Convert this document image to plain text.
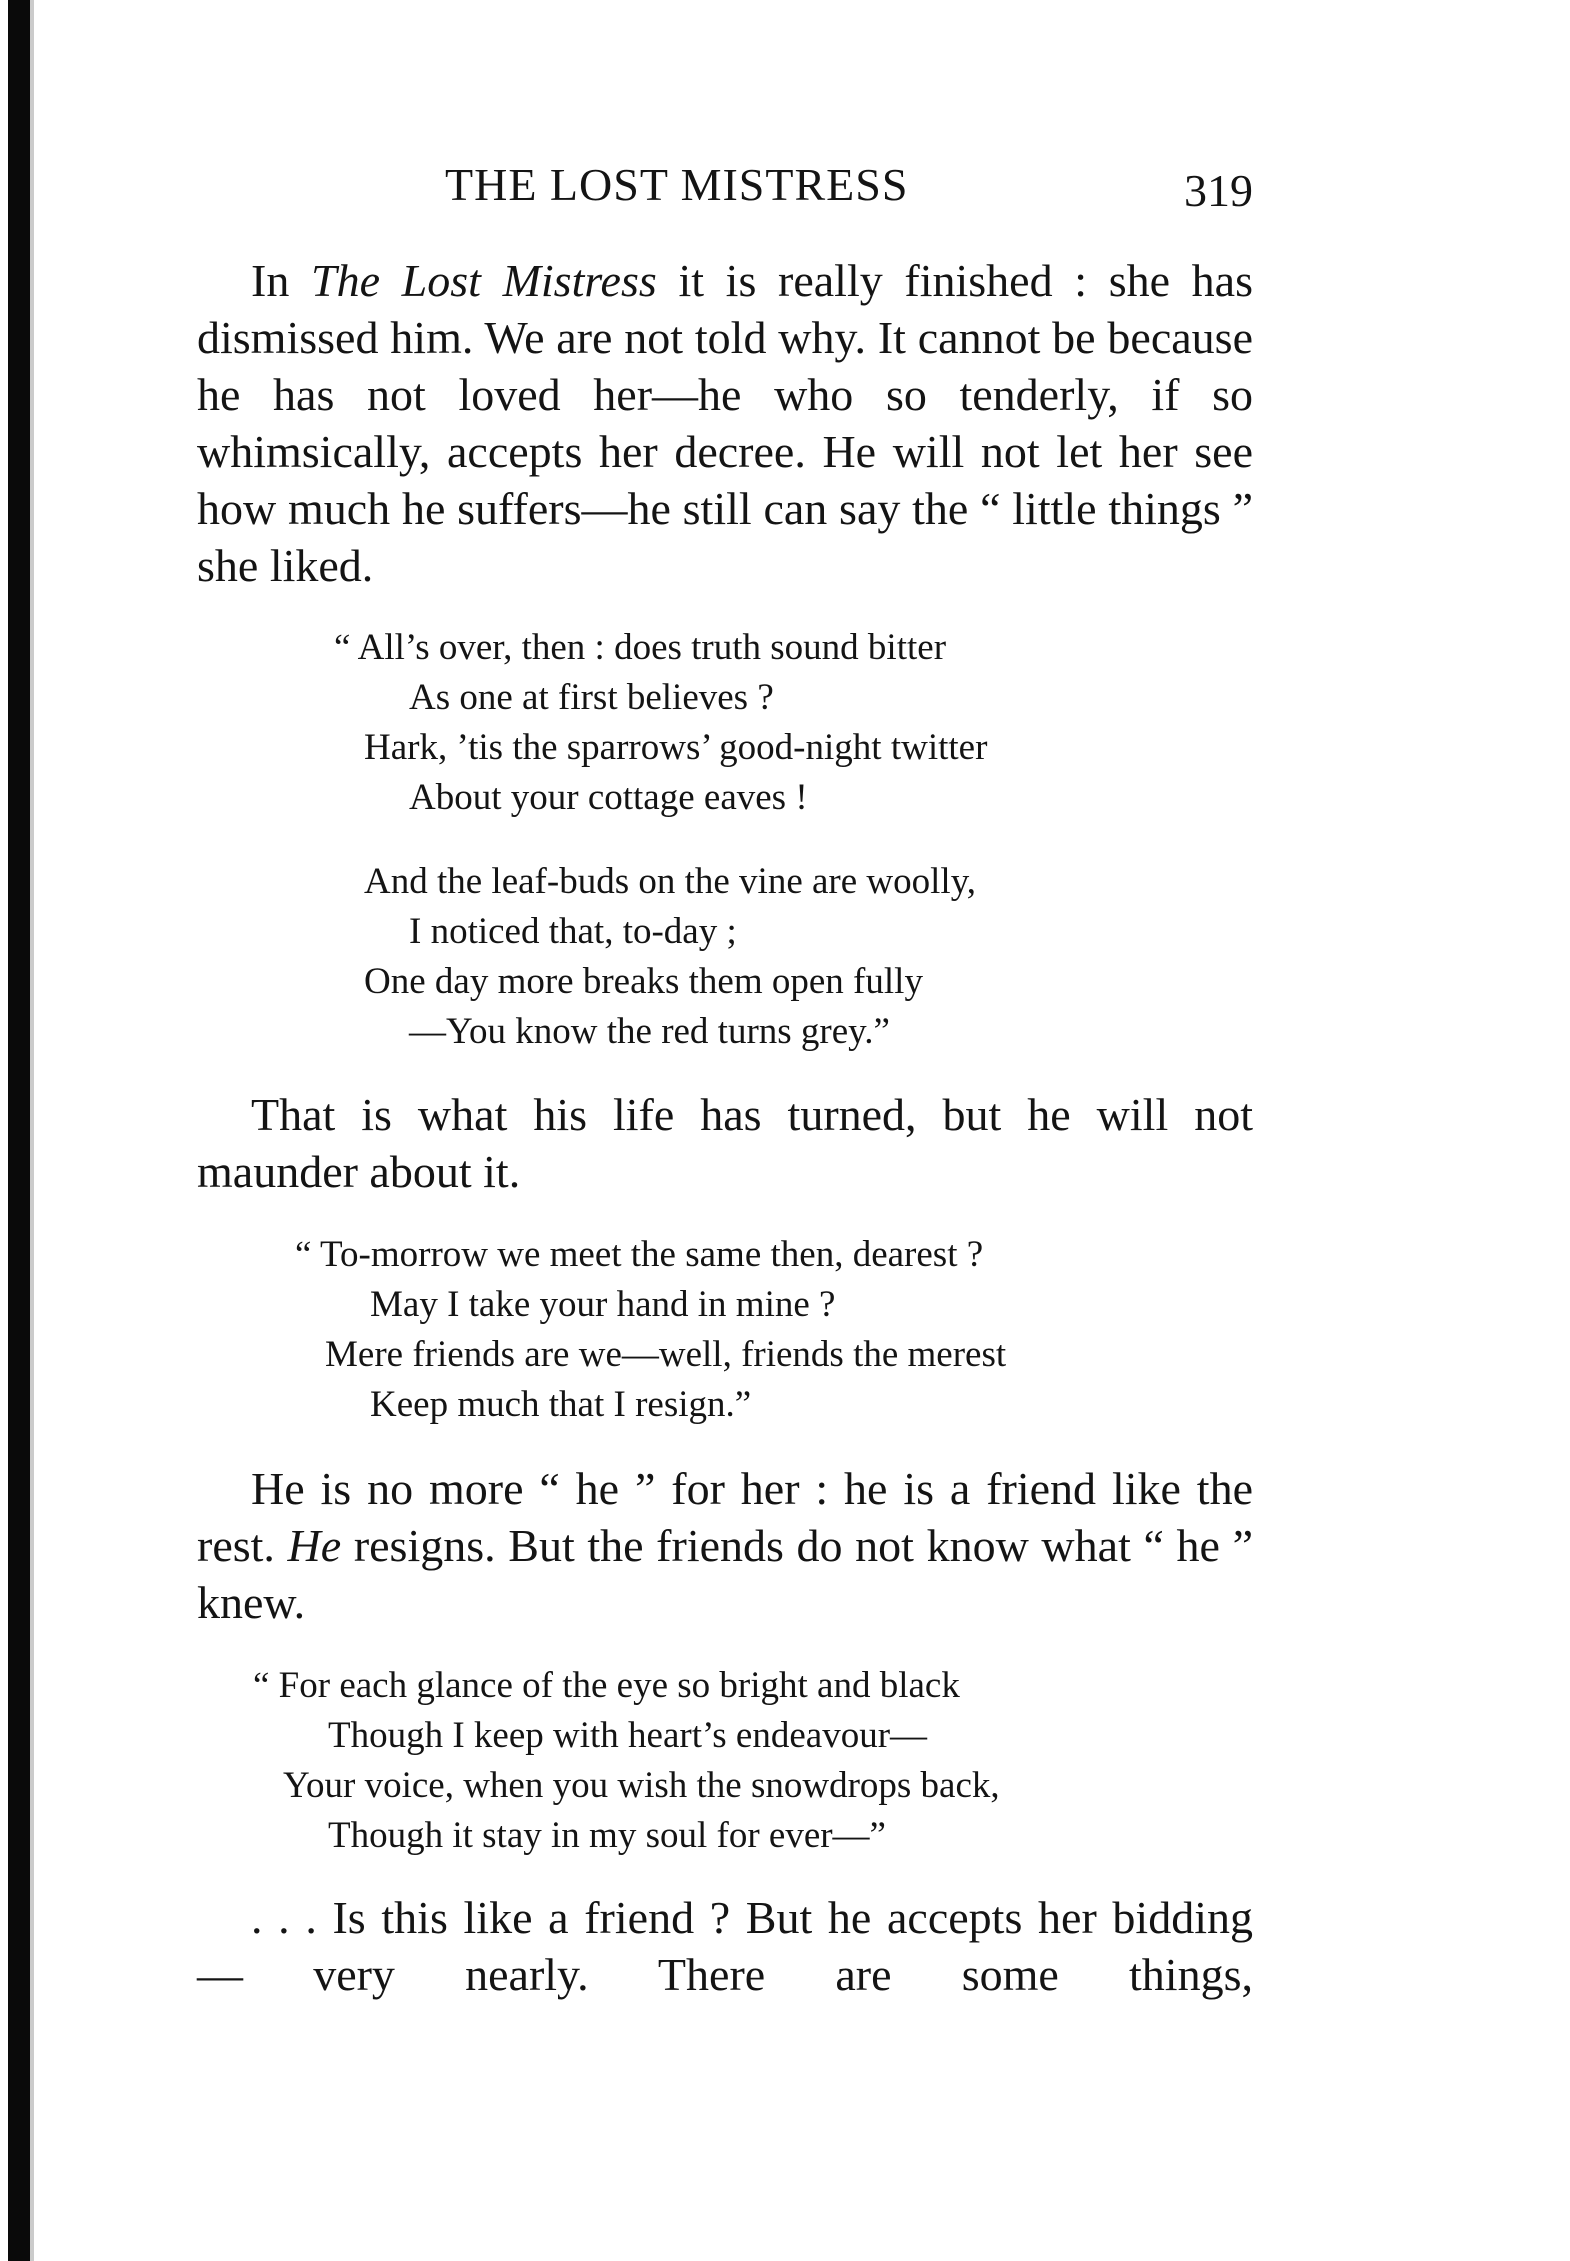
THE LOST MISTRESS	319

In The Lost Mistress it is really finished : she has dismissed him. We are not told why. It cannot be because he has not loved her—he who so tenderly, if so whimsically, accepts her decree. He will not let her see how much he suffers—he still can say the “ little things ” she liked.

“ All’s over, then : does truth sound bitter
As one at first believes ?
Hark, ’tis the sparrows’ good-night twitter
About your cottage eaves !
And the leaf-buds on the vine are woolly,
I noticed that, to-day ;
One day more breaks them open fully
—You know the red turns grey.”

That is what his life has turned, but he will not maunder about it.

“ To-morrow we meet the same then, dearest ?
May I take your hand in mine ?
Mere friends are we—well, friends the merest
Keep much that I resign.”

He is no more “ he ” for her : he is a friend like the rest. He resigns. But the friends do not know what “ he ” knew.

“ For each glance of the eye so bright and black
Though I keep with heart’s endeavour—
Your voice, when you wish the snowdrops back,
Though it stay in my soul for ever—”

. . . Is this like a friend ? But he accepts her bidding — very nearly. There are some things,
